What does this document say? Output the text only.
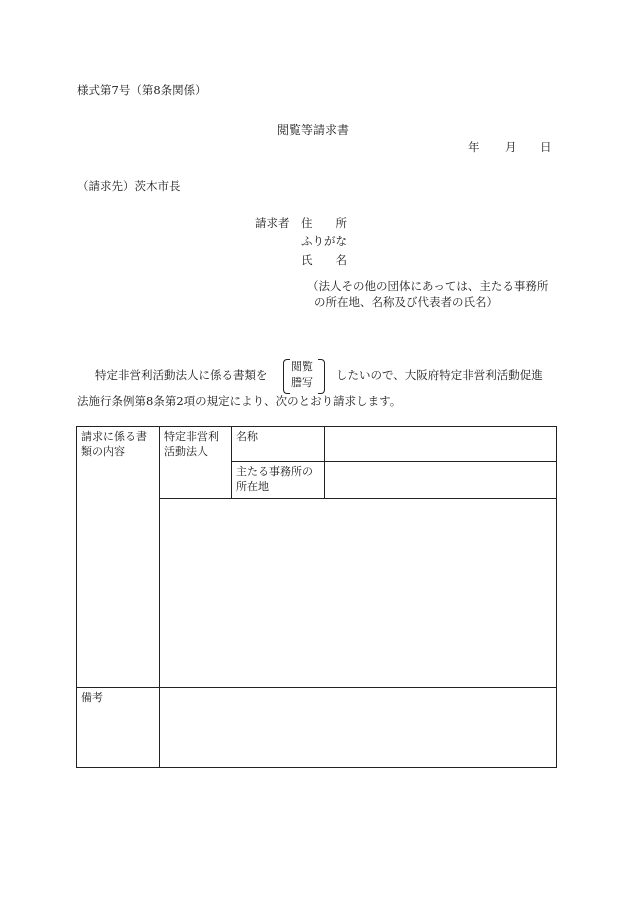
様式第7号（第8条関係）
閲覧等請求書
年 月 日
（請求先）茨木市長
請求者 住　　所
ふりがな
氏　　名
（法人その他の団体にあっては、主たる事務所
の所在地、名称及び代表者の氏名）
特定非営利活動法人に係る書類を
閲覧
謄写
したいので、大阪府特定非営利活動促進
法施行条例第8条第2項の規定により、次のとおり請求します。
請求に係る書類の内容	特定非営利活動法人	名称	
		主たる事務所の所在地	

備考			
